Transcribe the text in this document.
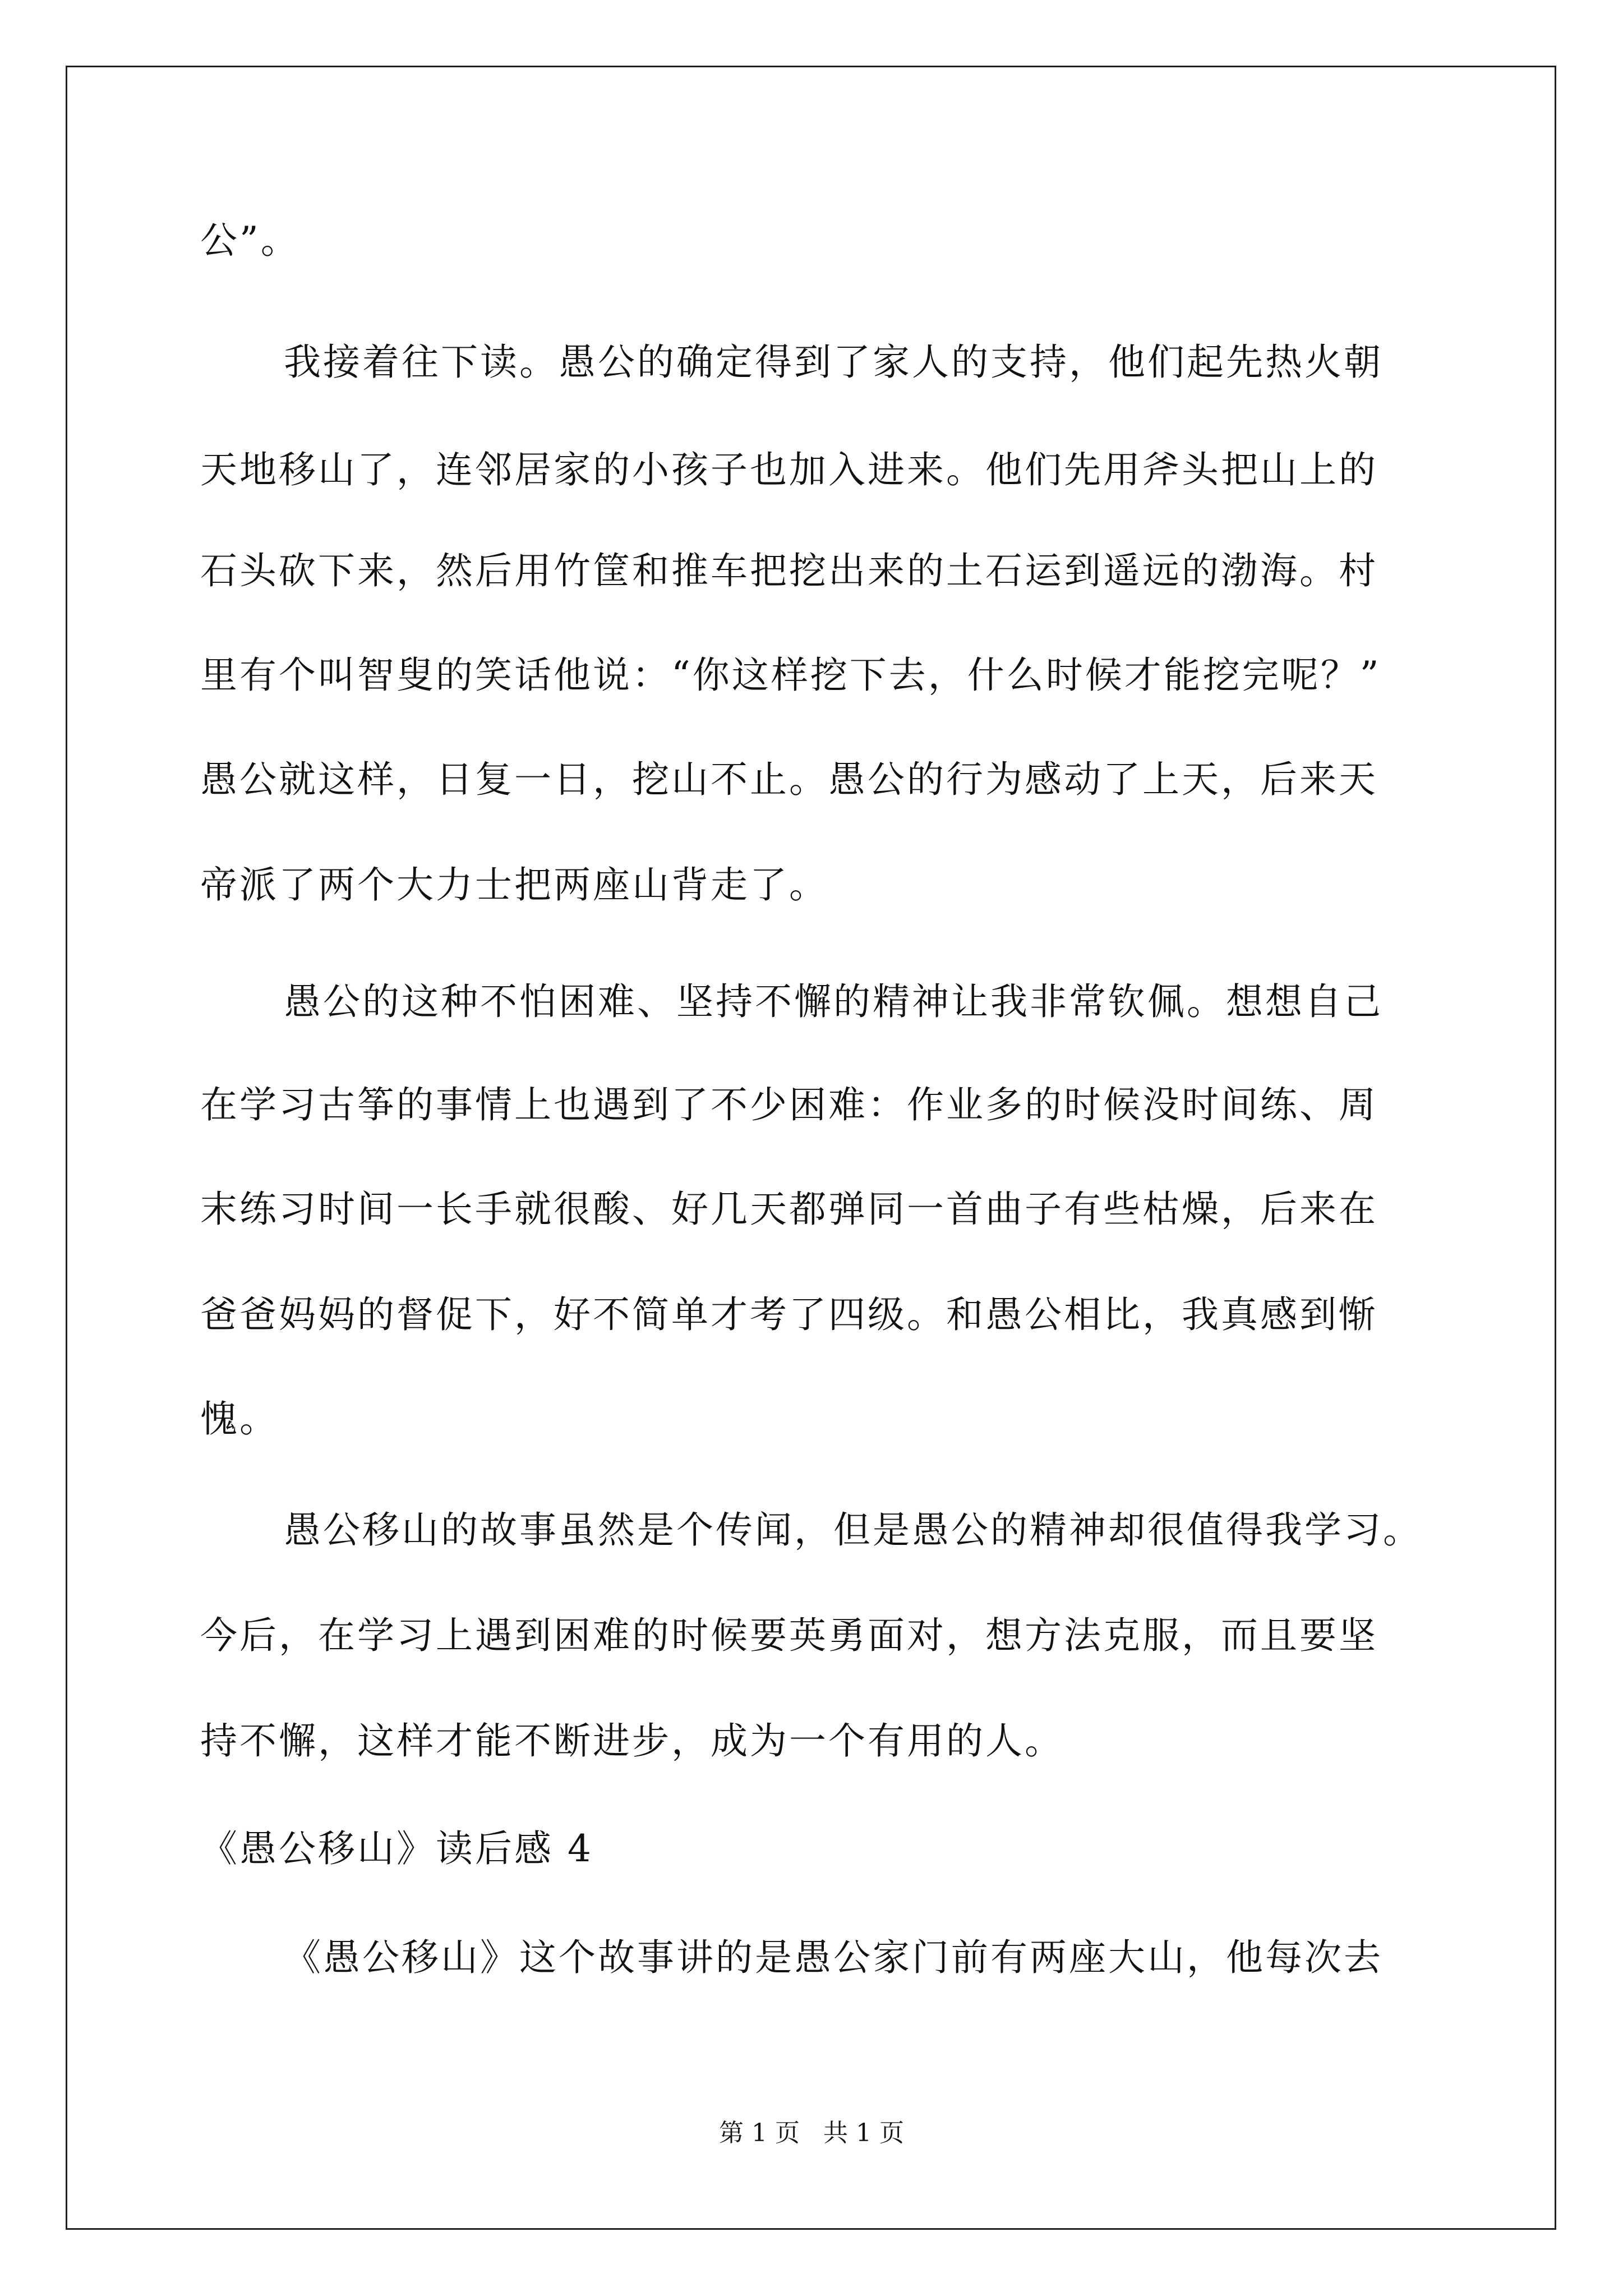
公”。
我接着往下读。愚公的确定得到了家人的支持，他们起先热火朝
天地移山了，连邻居家的小孩子也加入进来。他们先用斧头把山上的
石头砍下来，然后用竹筐和推车把挖出来的土石运到遥远的渤海。村
里有个叫智叟的笑话他说：“你这样挖下去，什么时候才能挖完呢？”
愚公就这样，日复一日，挖山不止。愚公的行为感动了上天，后来天
帝派了两个大力士把两座山背走了。
愚公的这种不怕困难、坚持不懈的精神让我非常钦佩。想想自己
在学习古筝的事情上也遇到了不少困难：作业多的时候没时间练、周
末练习时间一长手就很酸、好几天都弹同一首曲子有些枯燥，后来在
爸爸妈妈的督促下，好不简单才考了四级。和愚公相比，我真感到惭
愧。
愚公移山的故事虽然是个传闻，但是愚公的精神却很值得我学习。
今后，在学习上遇到困难的时候要英勇面对，想方法克服，而且要坚
持不懈，这样才能不断进步，成为一个有用的人。
《愚公移山》读后感 4
《愚公移山》这个故事讲的是愚公家门前有两座大山，他每次去
第 1 页   共 1 页
